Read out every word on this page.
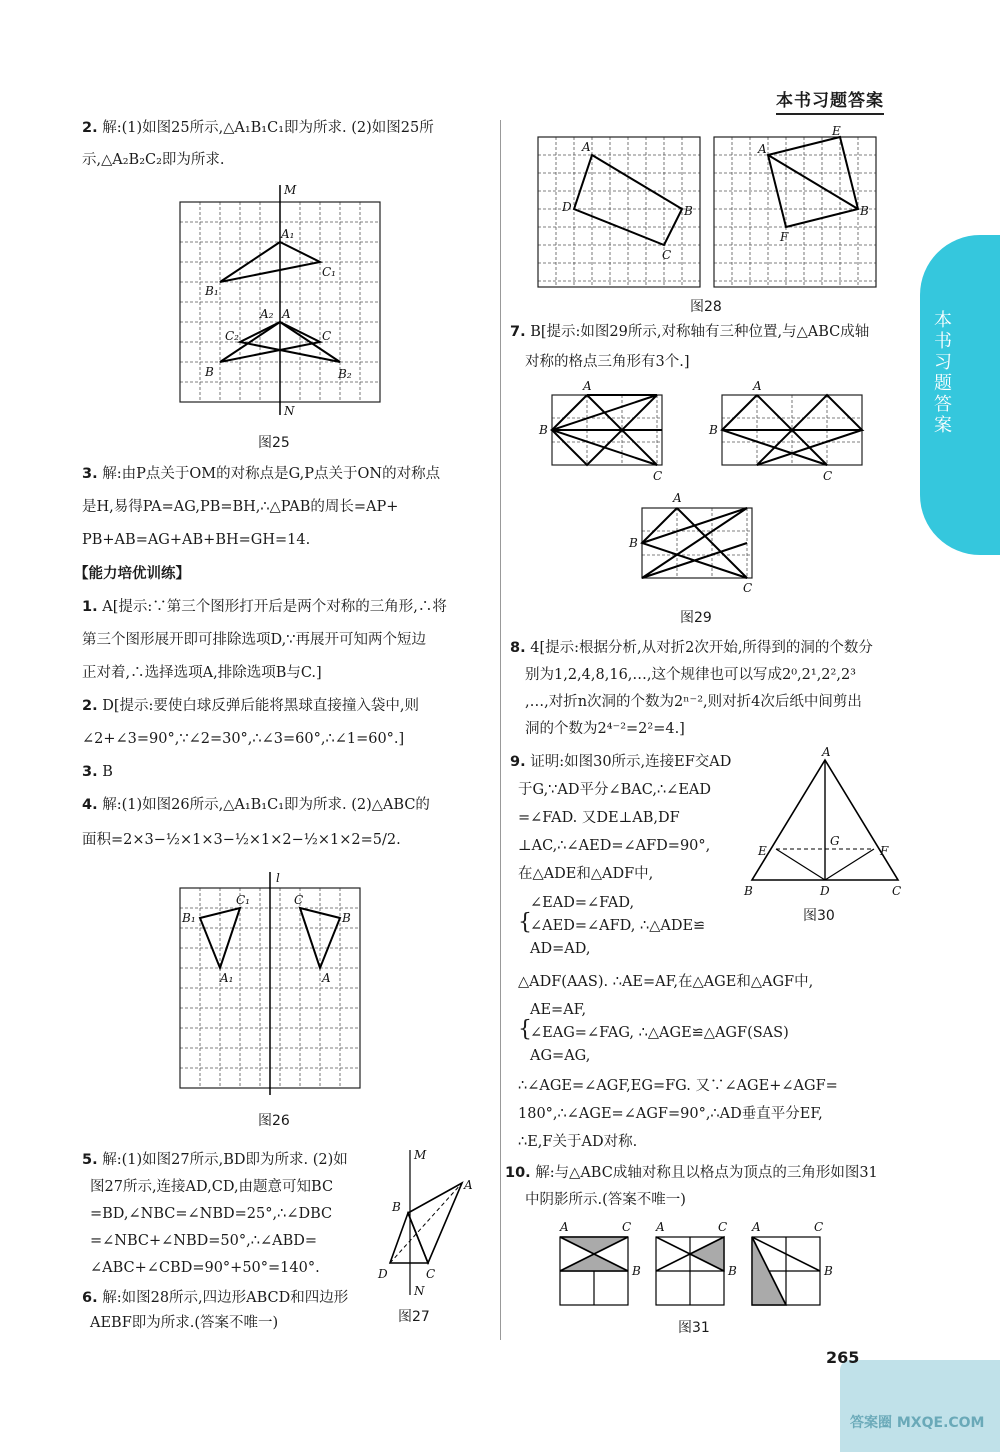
本书习题答案
本书习题答案
2. 解:(1)如图25所示,△A₁B₁C₁即为所求. (2)如图25所
示,△A₂B₂C₂即为所求.
M
A₁
C₁
B₁
A₂ A
C₂	C
B	B₂
N
图25
3. 解:由P点关于OM的对称点是G,P点关于ON的对称点
是H,易得PA=AG,PB=BH,∴△PAB的周长=AP+
PB+AB=AG+AB+BH=GH=14.
【能力培优训练】
1. A[提示:∵第三个图形打开后是两个对称的三角形,∴将
第三个图形展开即可排除选项D,∵再展开可知两个短边
正对着,∴选择选项A,排除选项B与C.]
2. D[提示:要使白球反弹后能将黑球直接撞入袋中,则
∠2+∠3=90°,∵∠2=30°,∴∠3=60°,∴∠1=60°.]
3. B
4. 解:(1)如图26所示,△A₁B₁C₁即为所求. (2)△ABC的
面积=2×3−½×1×3−½×1×2−½×1×2=5/2.
l
B₁
C₁
A₁
C
B
A
图26
5. 解:(1)如图27所示,BD即为所求. (2)如
图27所示,连接AD,CD,由题意可知BC
=BD,∠NBC=∠NBD=25°,∴∠DBC
=∠NBC+∠NBD=50°,∴∠ABD=
∠ABC+∠CBD=90°+50°=140°.
M
A
B
D	C
N
图27
6. 解:如图28所示,四边形ABCD和四边形
AEBF即为所求.(答案不唯一)
A
D	B
C
E
A
B
F
图28
7. B[提示:如图29所示,对称轴有三种位置,与△ABC成轴
对称的格点三角形有3个.]
A
B
C
A
B
C
A
B
C
图29
8. 4[提示:根据分析,从对折2次开始,所得到的洞的个数分
别为1,2,4,8,16,…,这个规律也可以写成2⁰,2¹,2²,2³
,…,对折n次洞的个数为2ⁿ⁻²,则对折4次后纸中间剪出
洞的个数为2⁴⁻²=2²=4.]
9. 证明:如图30所示,连接EF交AD
于G,∵AD平分∠BAC,∴∠EAD
=∠FAD. 又DE⊥AB,DF
⊥AC,∴∠AED=∠AFD=90°,
在△ADE和△ADF中,
{
∠EAD=∠FAD,
∠AED=∠AFD, ∴△ADE≌
AD=AD,
△ADF(AAS). ∴AE=AF,在△AGE和△AGF中,
{
AE=AF,
∠EAG=∠FAG, ∴△AGE≌△AGF(SAS)
AG=AG,
∴∠AGE=∠AGF,EG=FG. 又∵∠AGE+∠AGF=
180°,∴∠AGE=∠AGF=90°,∴AD垂直平分EF,
∴E,F关于AD对称.
A
E
G
F
B	D	C
图30
10. 解:与△ABC成轴对称且以格点为顶点的三角形如图31
中阴影所示.(答案不唯一)
A	C
B
A	C
B
A	C
B
图31
265
答案圈 MXQE.COM
